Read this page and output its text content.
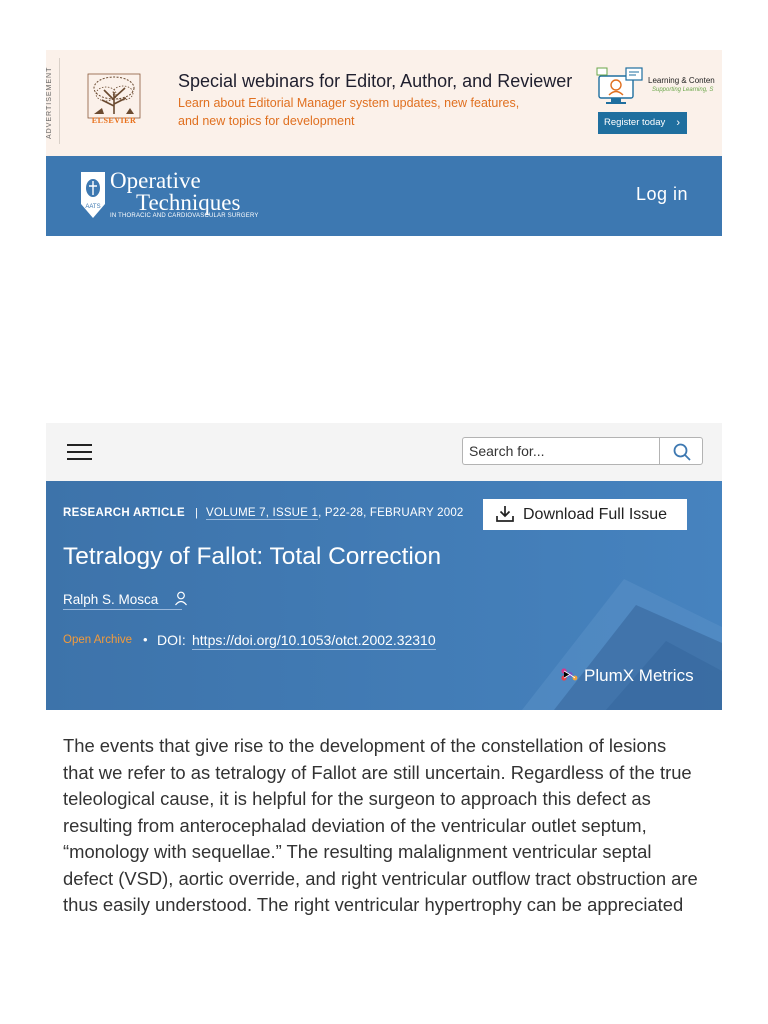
ADVERTISEMENT	ELSEVIER
Special webinars for Editor, Author, and Reviewer
Learn about Editorial Manager system updates, new features,
and new topics for development
Learning & Conten
Supporting Learning, S
Register today ›
AATS
Operative
Techniques
IN THORACIC AND CARDIOVASCULAR SURGERY
Log in
Search for...
RESEARCH ARTICLE | VOLUME 7, ISSUE 1, P22-28, FEBRUARY 2002	Download Full Issue
Tetralogy of Fallot: Total Correction
Ralph S. Mosca
Open Archive • DOI: https://doi.org/10.1053/otct.2002.32310
PlumX Metrics
The events that give rise to the development of the constellation of lesions
that we refer to as tetralogy of Fallot are still uncertain. Regardless of the true
teleological cause, it is helpful for the surgeon to approach this defect as
resulting from anterocephalad deviation of the ventricular outlet septum,
“monology with sequellae.” The resulting malalignment ventricular septal
defect (VSD), aortic override, and right ventricular outflow tract obstruction are
thus easily understood. The right ventricular hypertrophy can be appreciated
